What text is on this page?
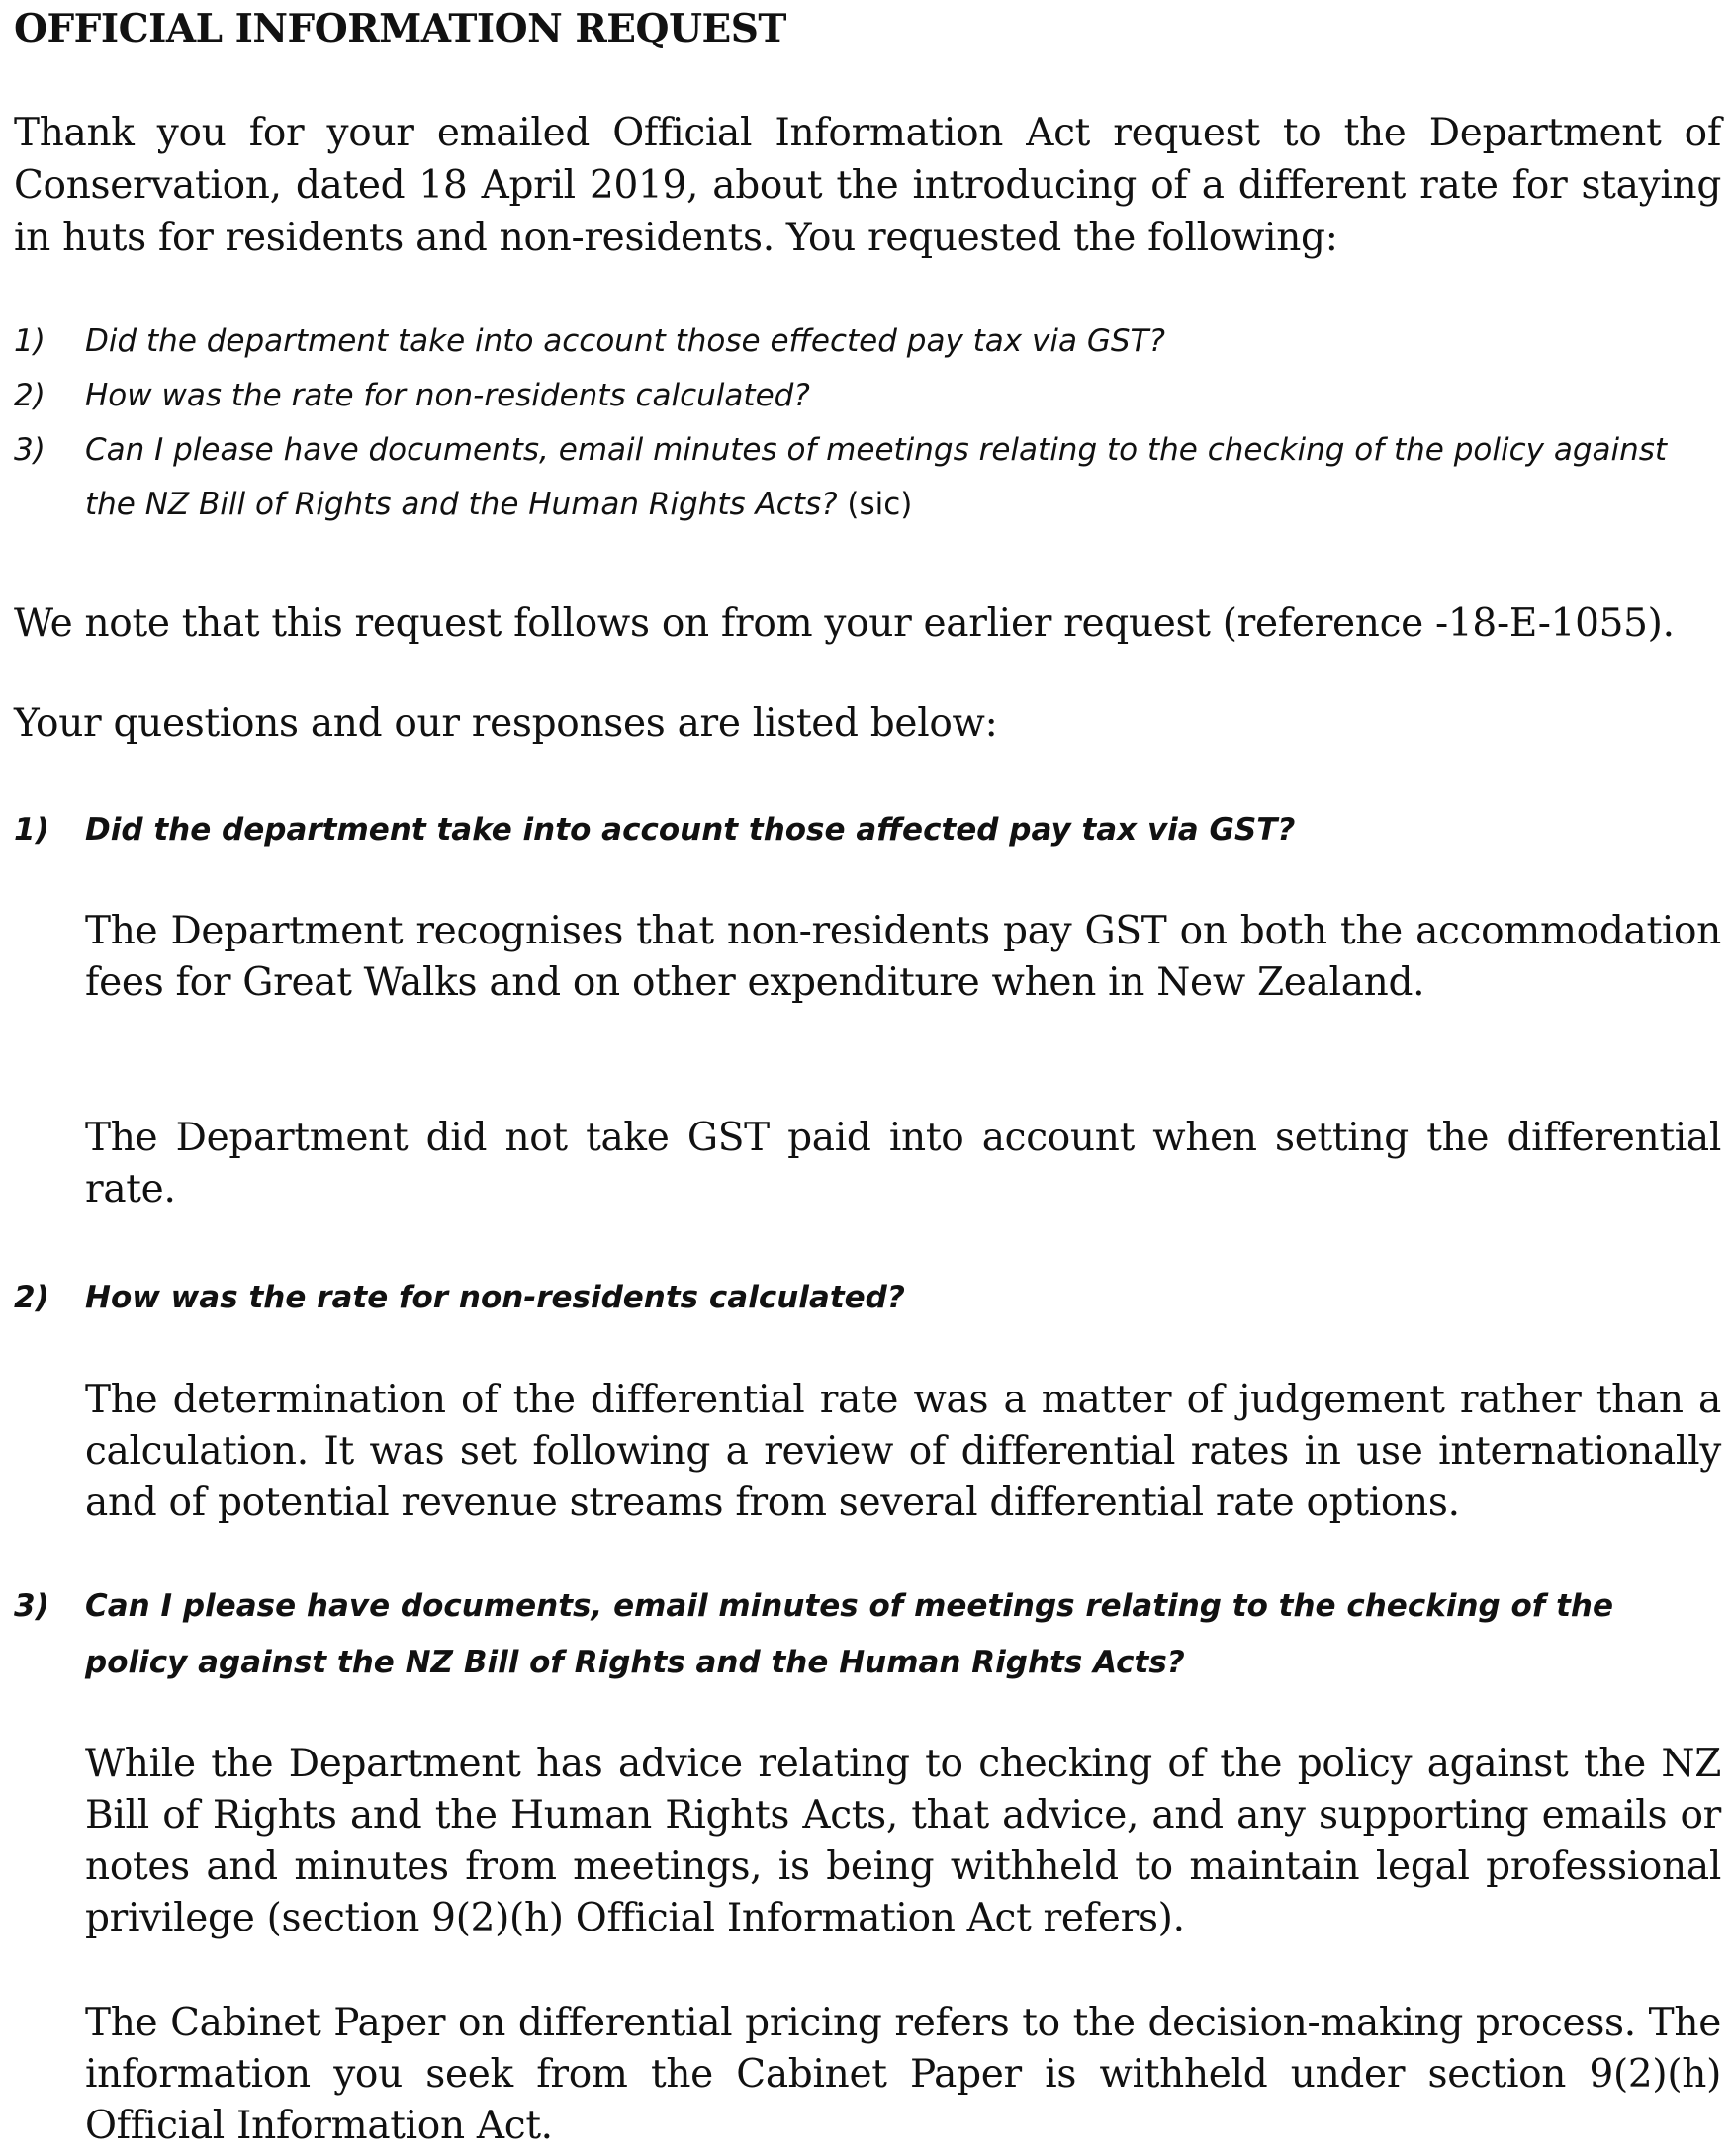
OFFICIAL INFORMATION REQUEST
Thank you for your emailed Official Information Act request to the Department of Conservation, dated 18 April 2019, about the introducing of a different rate for staying in huts for residents and non-residents. You requested the following:
1) Did the department take into account those effected pay tax via GST?
2) How was the rate for non-residents calculated?
3) Can I please have documents, email minutes of meetings relating to the checking of the policy against the NZ Bill of Rights and the Human Rights Acts? (sic)
We note that this request follows on from your earlier request (reference -18-E-1055).
Your questions and our responses are listed below:
1) Did the department take into account those affected pay tax via GST?
The Department recognises that non-residents pay GST on both the accommodation fees for Great Walks and on other expenditure when in New Zealand.
The Department did not take GST paid into account when setting the differential rate.
2) How was the rate for non-residents calculated?
The determination of the differential rate was a matter of judgement rather than a calculation. It was set following a review of differential rates in use internationally and of potential revenue streams from several differential rate options.
3) Can I please have documents, email minutes of meetings relating to the checking of the policy against the NZ Bill of Rights and the Human Rights Acts?
While the Department has advice relating to checking of the policy against the NZ Bill of Rights and the Human Rights Acts, that advice, and any supporting emails or notes and minutes from meetings, is being withheld to maintain legal professional privilege (section 9(2)(h) Official Information Act refers).
The Cabinet Paper on differential pricing refers to the decision-making process. The information you seek from the Cabinet Paper is withheld under section 9(2)(h) Official Information Act.
